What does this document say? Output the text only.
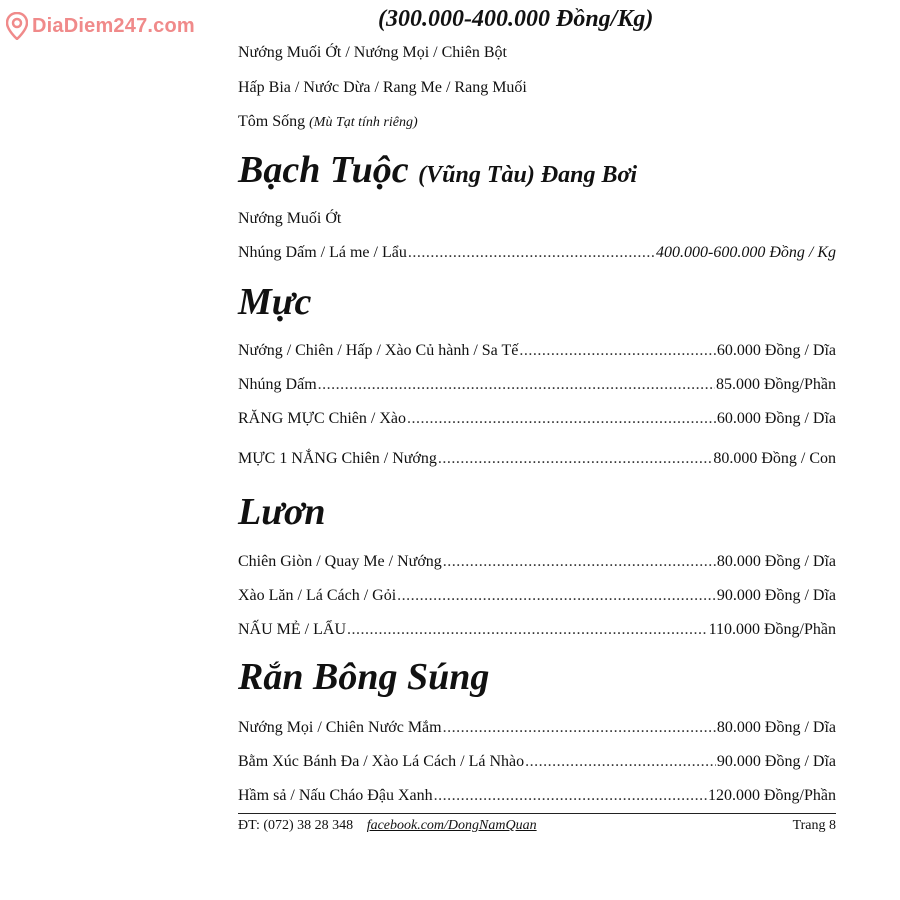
DiaDiem247.com	(300.000-400.000 Đồng/Kg)
Nướng Muối Ớt / Nướng Mọi / Chiên Bột
Hấp Bia / Nước Dừa / Rang Me / Rang Muối
Tôm Sống (Mù Tạt tính riêng)
Bạch Tuộc (Vũng Tàu) Đang Bơi
Nướng Muối Ớt
Nhúng Dấm / Lá me / Lẩu .....	400.000-600.000 Đồng / Kg
Mực
Nướng / Chiên / Hấp / Xào Củ hành / Sa Tế .....	60.000 Đồng / Dĩa
Nhúng Dấm .....	85.000 Đồng/Phần
RĂNG MỰC Chiên / Xào .....	60.000 Đồng / Dĩa
MỰC 1 NẮNG Chiên / Nướng .....	80.000 Đồng / Con
Lươn
Chiên Giòn / Quay Me / Nướng .....	80.000 Đồng / Dĩa
Xào Lăn / Lá Cách / Gỏi .....	90.000 Đồng / Dĩa
NẤU MẺ / LẨU .....	110.000 Đồng/Phần
Rắn Bông Súng
Nướng Mọi / Chiên Nước Mắm .....	80.000 Đồng / Dĩa
Bằm Xúc Bánh Đa / Xào Lá Cách / Lá Nhào .....	90.000 Đồng / Dĩa
Hầm sả / Nấu Cháo Đậu Xanh .....	120.000 Đồng/Phần
ĐT: (072) 38 28 348 facebook.com/DongNamQuan	Trang 8
